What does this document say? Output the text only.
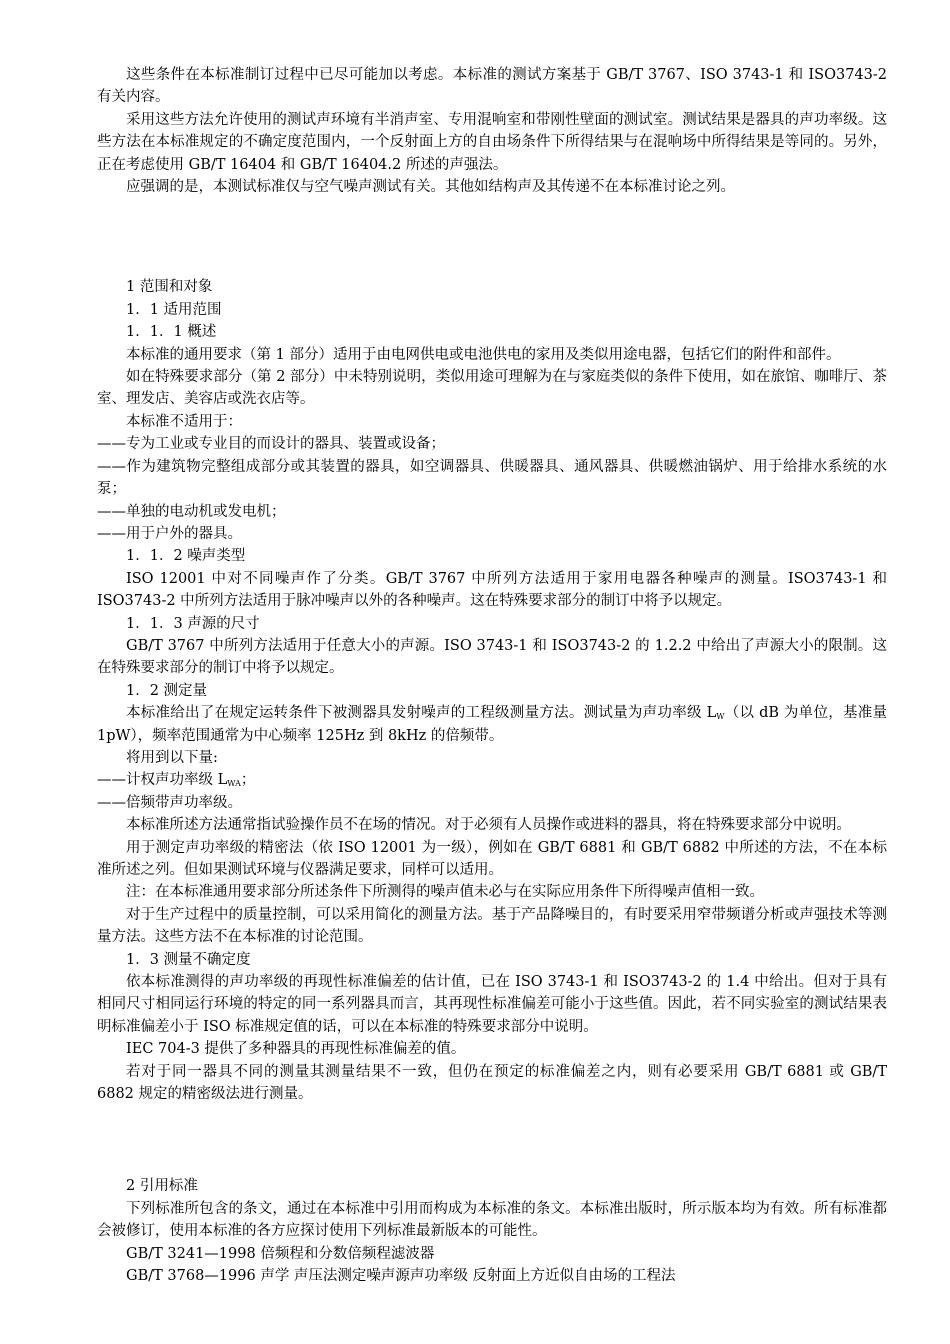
这些条件在本标准制订过程中已尽可能加以考虑。本标准的测试方案基于 GB/T 3767、ISO 3743-1 和 ISO3743-2 有关内容。

采用这些方法允许使用的测试声环境有半消声室、专用混响室和带刚性壁面的测试室。测试结果是器具的声功率级。这些方法在本标准规定的不确定度范围内，一个反射面上方的自由场条件下所得结果与在混响场中所得结果是等同的。另外，正在考虑使用 GB/T 16404 和 GB/T 16404.2 所述的声强法。

应强调的是，本测试标准仅与空气噪声测试有关。其他如结构声及其传递不在本标准讨论之列。

1 范围和对象

1．1 适用范围

1．1．1 概述

本标准的通用要求（第 1 部分）适用于由电网供电或电池供电的家用及类似用途电器，包括它们的附件和部件。

如在特殊要求部分（第 2 部分）中未特别说明，类似用途可理解为在与家庭类似的条件下使用，如在旅馆、咖啡厅、茶室、理发店、美容店或洗衣店等。

本标准不适用于：

——专为工业或专业目的而设计的器具、装置或设备；

——作为建筑物完整组成部分或其装置的器具，如空调器具、供暖器具、通风器具、供暖燃油锅炉、用于给排水系统的水泵；

——单独的电动机或发电机；

——用于户外的器具。

1．1．2 噪声类型

ISO 12001 中对不同噪声作了分类。GB/T 3767 中所列方法适用于家用电器各种噪声的测量。ISO3743-1 和 ISO3743-2 中所列方法适用于脉冲噪声以外的各种噪声。这在特殊要求部分的制订中将予以规定。

1．1．3 声源的尺寸

GB/T 3767 中所列方法适用于任意大小的声源。ISO 3743-1 和 ISO3743-2 的 1.2.2 中给出了声源大小的限制。这在特殊要求部分的制订中将予以规定。

1．2 测定量

本标准给出了在规定运转条件下被测器具发射噪声的工程级测量方法。测试量为声功率级 $L_W$（以 dB 为单位，基准量 1pW），频率范围通常为中心频率 125Hz 到 8kHz 的倍频带。

将用到以下量:

——计权声功率级 $L_{WA}$；

——倍频带声功率级。

本标准所述方法通常指试验操作员不在场的情况。对于必须有人员操作或进料的器具，将在特殊要求部分中说明。

用于测定声功率级的精密法（依 ISO 12001 为一级），例如在 GB/T 6881 和 GB/T 6882 中所述的方法，不在本标准所述之列。但如果测试环境与仪器满足要求，同样可以适用。

注：在本标准通用要求部分所述条件下所测得的噪声值未必与在实际应用条件下所得噪声值相一致。

对于生产过程中的质量控制，可以采用简化的测量方法。基于产品降噪目的，有时要采用窄带频谱分析或声强技术等测量方法。这些方法不在本标准的讨论范围。

1．3 测量不确定度

依本标准测得的声功率级的再现性标准偏差的估计值，已在 ISO 3743-1 和 ISO3743-2 的 1.4 中给出。但对于具有相同尺寸相同运行环境的特定的同一系列器具而言，其再现性标准偏差可能小于这些值。因此，若不同实验室的测试结果表明标准偏差小于 ISO 标准规定值的话，可以在本标准的特殊要求部分中说明。

IEC 704-3 提供了多种器具的再现性标准偏差的值。

若对于同一器具不同的测量其测量结果不一致，但仍在预定的标准偏差之内，则有必要采用 GB/T 6881 或 GB/T 6882 规定的精密级法进行测量。

2 引用标准

下列标准所包含的条文，通过在本标准中引用而构成为本标准的条文。本标准出版时，所示版本均为有效。所有标准都会被修订，使用本标准的各方应探讨使用下列标准最新版本的可能性。

GB/T 3241—1998 倍频程和分数倍频程滤波器

GB/T 3768—1996 声学 声压法测定噪声源声功率级 反射面上方近似自由场的工程法
